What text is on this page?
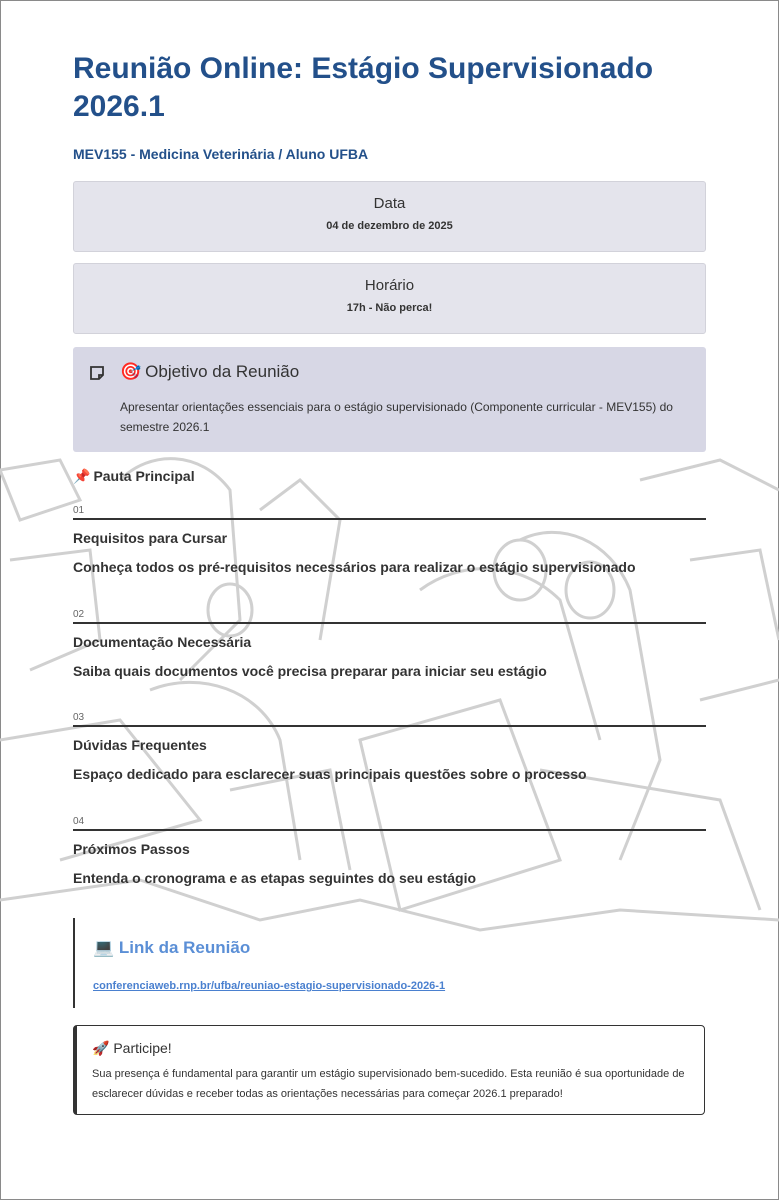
Reunião Online: Estágio Supervisionado 2026.1
MEV155 - Medicina Veterinária / Aluno UFBA
Data
04 de dezembro de 2025
Horário
17h - Não perca!
🎯 Objetivo da Reunião
Apresentar orientações essenciais para o estágio supervisionado (Componente curricular - MEV155) do semestre 2026.1
📌 Pauta Principal
01
Requisitos para Cursar
Conheça todos os pré-requisitos necessários para realizar o estágio supervisionado
02
Documentação Necessária
Saiba quais documentos você precisa preparar para iniciar seu estágio
03
Dúvidas Frequentes
Espaço dedicado para esclarecer suas principais questões sobre o processo
04
Próximos Passos
Entenda o cronograma e as etapas seguintes do seu estágio
💻 Link da Reunião
conferenciaweb.rnp.br/ufba/reuniao-estagio-supervisionado-2026-1
🚀 Participe!
Sua presença é fundamental para garantir um estágio supervisionado bem-sucedido. Esta reunião é sua oportunidade de esclarecer dúvidas e receber todas as orientações necessárias para começar 2026.1 preparado!
